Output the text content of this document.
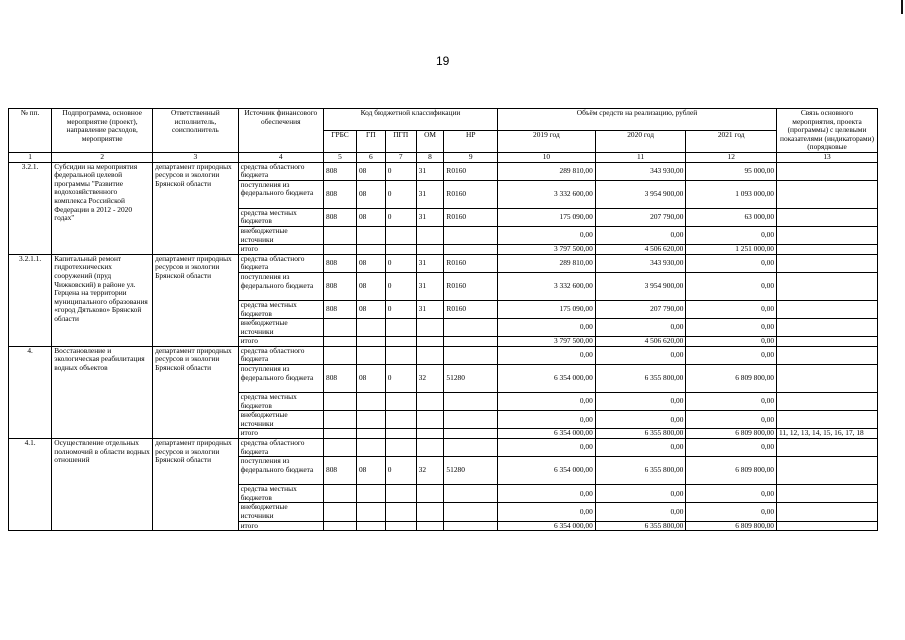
19
№ пп.	Подпрограмма, основное мероприятие (проект), направление расходов, мероприятие	Ответственный исполнитель, соисполнитель	Источник финансового обеспечения	Код бюджетной классификации					Объём средств на реализацию, рублей			Связь основного мероприятия, проекта (программы) с целевыми показателями (индикаторами) (порядковые
				ГРБС	ГП	ПГП	ОМ	НР	2019 год	2020 год	2021 год	
1	2	3	4	5	6	7	8	9	10	11	12	13
3.2.1.	Субсидии на мероприятия федеральной целевой программы "Развитие водохозяйственного комплекса Российской Федерации в 2012 - 2020 годах"	департамент природных ресурсов и экологии Брянской области	средства областного бюджета	808	08	0	31	R0160	289 810,00	343 930,00	95 000,00	
			поступления из федерального бюджета	808	08	0	31	R0160	3 332 600,00	3 954 900,00	1 093 000,00	
			средства местных бюджетов	808	08	0	31	R0160	175 090,00	207 790,00	63 000,00	
			внебюджетные источники						0,00	0,00	0,00	
			итого						3 797 500,00	4 506 620,00	1 251 000,00	
3.2.1.1.	Капитальный ремонт гидротехнических сооружений (пруд Чижковский) в районе ул. Герцена на территории муниципального образования «город Дятьково» Брянской области	департамент природных ресурсов и экологии Брянской области	средства областного бюджета	808	08	0	31	R0160	289 810,00	343 930,00	0,00	
			поступления из федерального бюджета	808	08	0	31	R0160	3 332 600,00	3 954 900,00	0,00	
			средства местных бюджетов	808	08	0	31	R0160	175 090,00	207 790,00	0,00	
			внебюджетные источники						0,00	0,00	0,00	
			итого						3 797 500,00	4 506 620,00	0,00	
4.	Восстановление и экологическая реабилитация водных объектов	департамент природных ресурсов и экологии Брянской области	средства областного бюджета						0,00	0,00	0,00	
			поступления из федерального бюджета	808	08	0	32	51280	6 354 000,00	6 355 800,00	6 809 800,00	
			средства местных бюджетов						0,00	0,00	0,00	
			внебюджетные источники						0,00	0,00	0,00	
			итого						6 354 000,00	6 355 800,00	6 809 800,00	11, 12, 13, 14, 15, 16, 17, 18
4.1.	Осуществление отдельных полномочий в области водных отношений	департамент природных ресурсов и экологии Брянской области	средства областного бюджета						0,00	0,00	0,00	
			поступления из федерального бюджета	808	08	0	32	51280	6 354 000,00	6 355 800,00	6 809 800,00	
			средства местных бюджетов						0,00	0,00	0,00	
			внебюджетные источники						0,00	0,00	0,00	
			итого						6 354 000,00	6 355 800,00	6 809 800,00	
